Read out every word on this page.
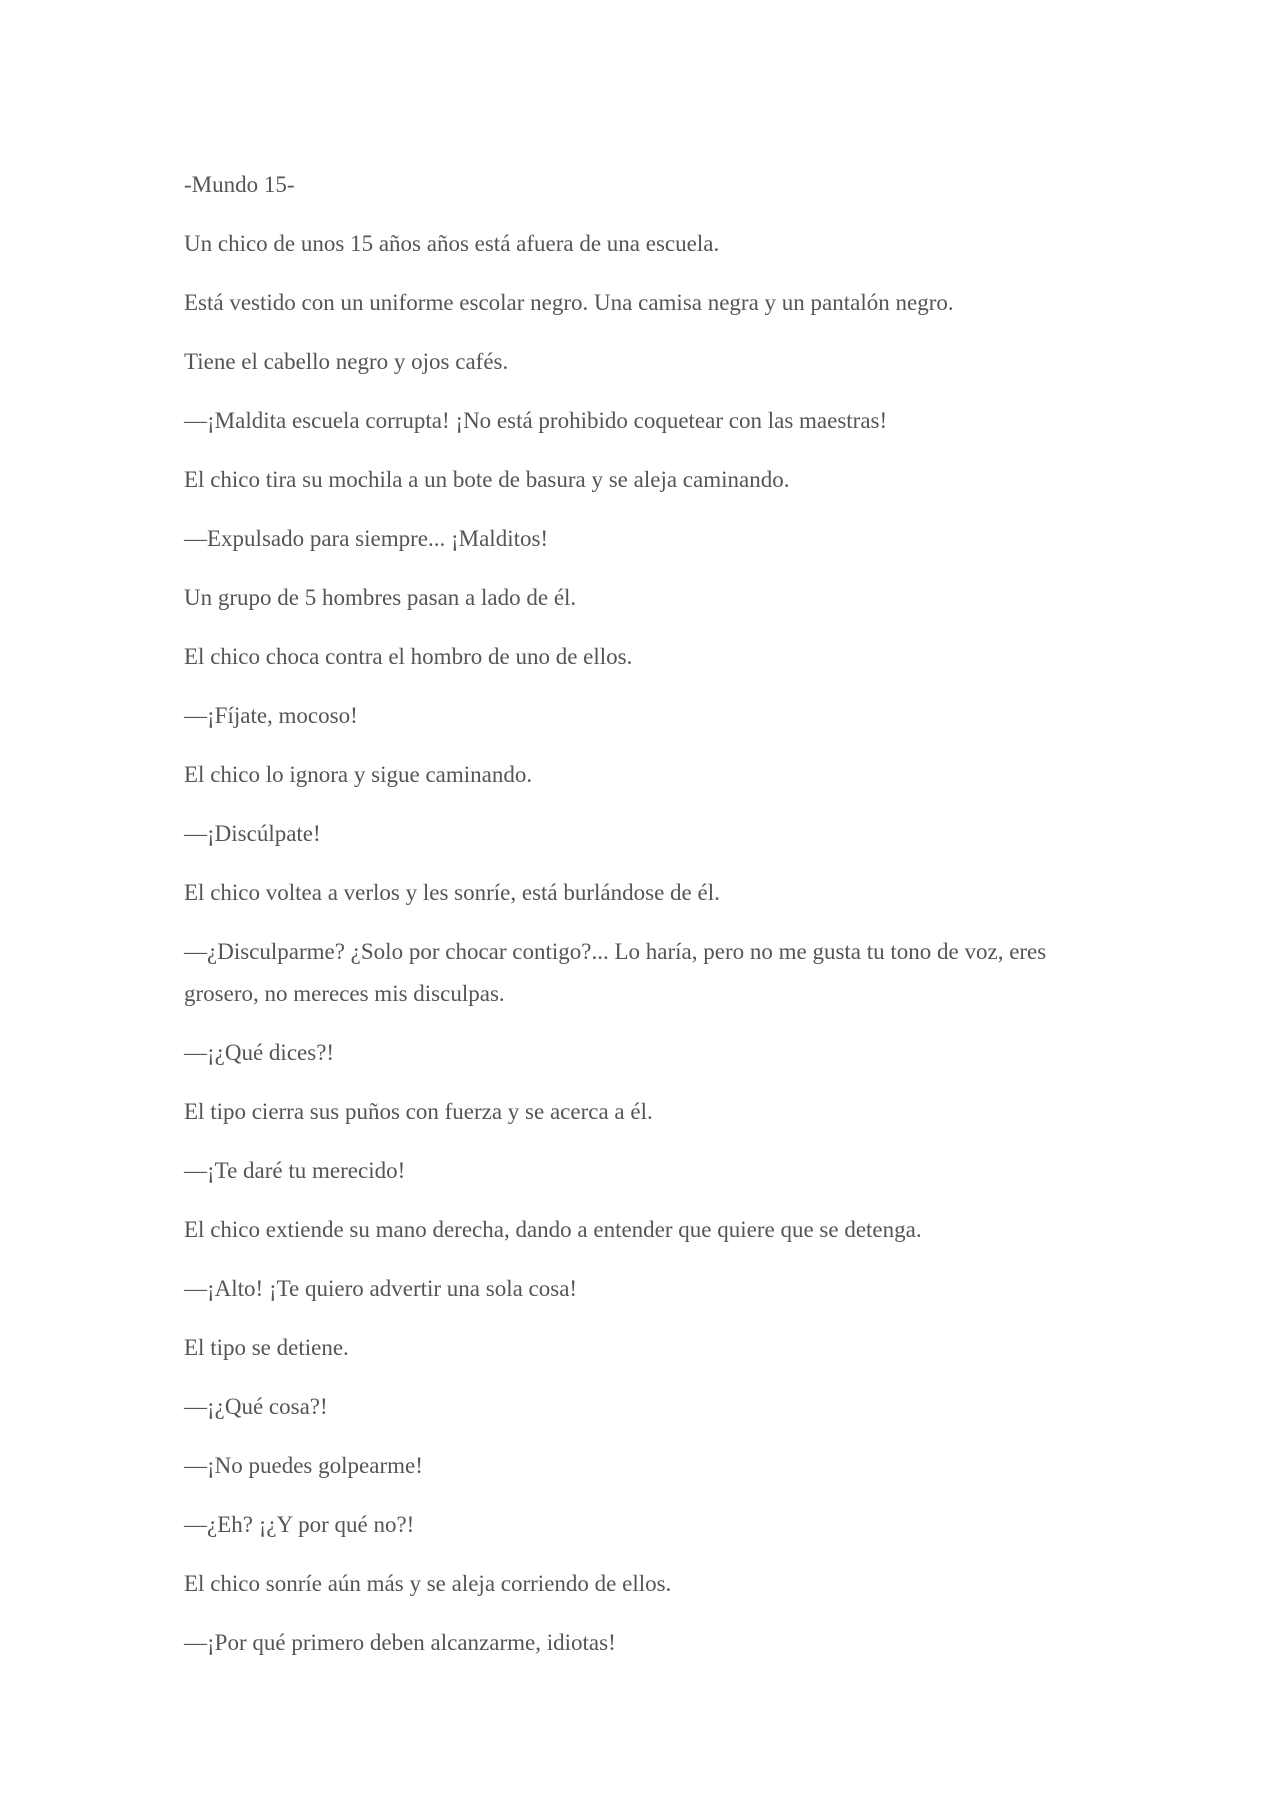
-Mundo 15-

Un chico de unos 15 años años está afuera de una escuela.

Está vestido con un uniforme escolar negro. Una camisa negra y un pantalón negro.

Tiene el cabello negro y ojos cafés.

—¡Maldita escuela corrupta! ¡No está prohibido coquetear con las maestras!

El chico tira su mochila a un bote de basura y se aleja caminando.

—Expulsado para siempre... ¡Malditos!

Un grupo de 5 hombres pasan a lado de él.

El chico choca contra el hombro de uno de ellos.

—¡Fíjate, mocoso!

El chico lo ignora y sigue caminando.

—¡Discúlpate!

El chico voltea a verlos y les sonríe, está burlándose de él.

—¿Disculparme? ¿Solo por chocar contigo?... Lo haría, pero no me gusta tu tono de voz, eres grosero, no mereces mis disculpas.

—¡¿Qué dices?!

El tipo cierra sus puños con fuerza y se acerca a él.

—¡Te daré tu merecido!

El chico extiende su mano derecha, dando a entender que quiere que se detenga.

—¡Alto! ¡Te quiero advertir una sola cosa!

El tipo se detiene.

—¡¿Qué cosa?!

—¡No puedes golpearme!

—¿Eh? ¡¿Y por qué no?!

El chico sonríe aún más y se aleja corriendo de ellos.

—¡Por qué primero deben alcanzarme, idiotas!
